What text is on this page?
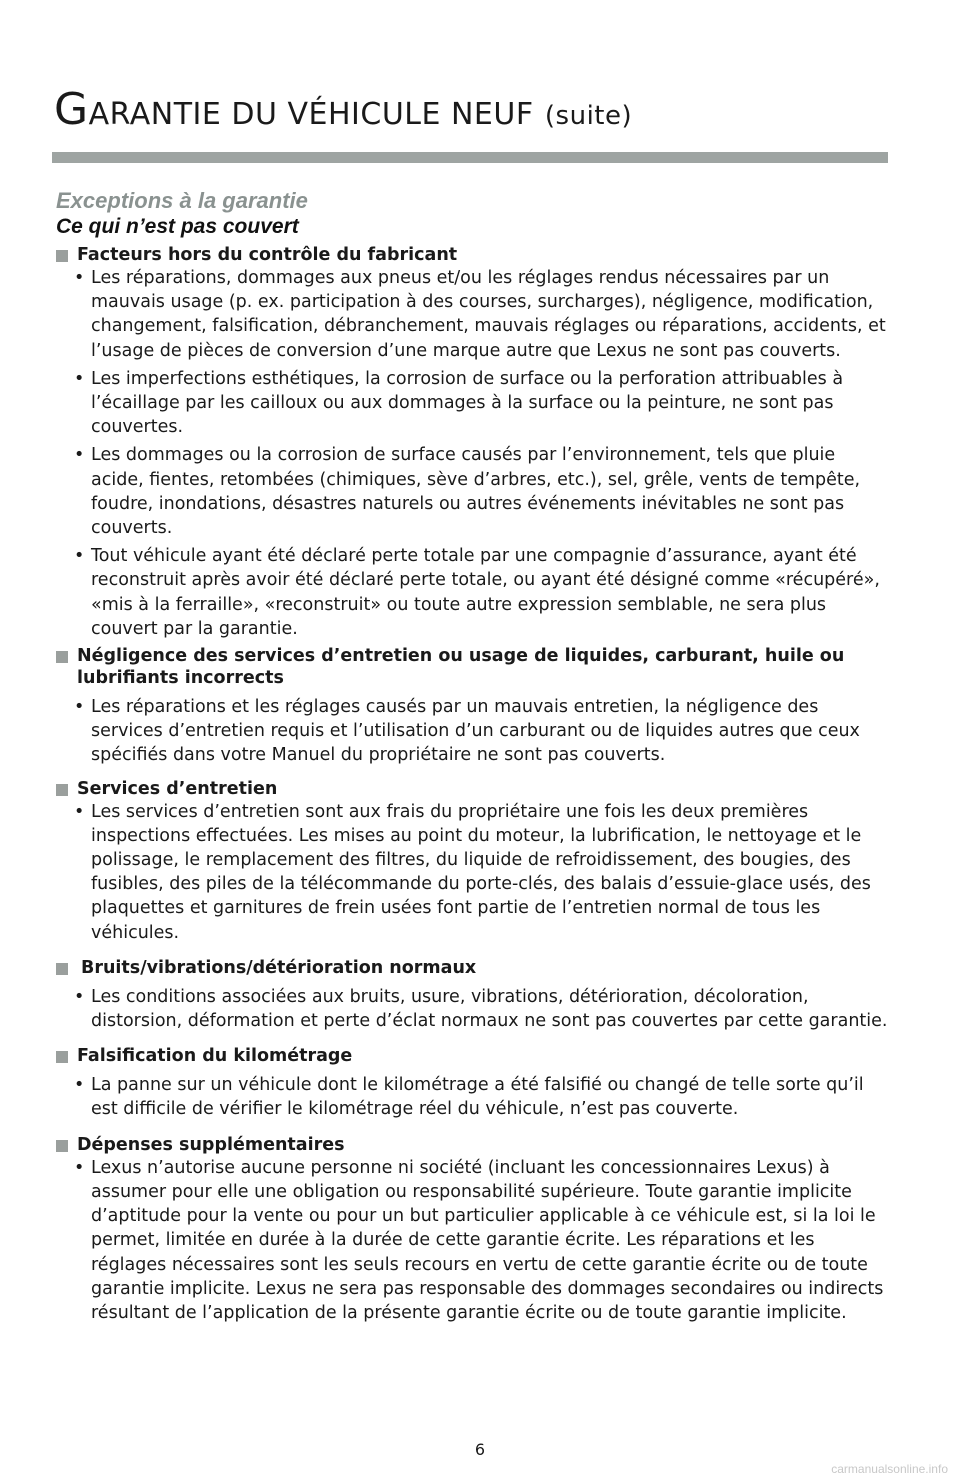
GARANTIE DU VÉHICULE NEUF (suite)
Exceptions à la garantie
Ce qui n’est pas couvert
Facteurs hors du contrôle du fabricant
• Les réparations, dommages aux pneus et/ou les réglages rendus nécessaires par un mauvais usage (p. ex. participation à des courses, surcharges), négligence, modification, changement, falsification, débranchement, mauvais réglages ou réparations, accidents, et l’usage de pièces de conversion d’une marque autre que Lexus ne sont pas couverts.
• Les imperfections esthétiques, la corrosion de surface ou la perforation attribuables à l’écaillage par les cailloux ou aux dommages à la surface ou la peinture, ne sont pas couvertes.
• Les dommages ou la corrosion de surface causés par l’environnement, tels que pluie acide, fientes, retombées (chimiques, sève d’arbres, etc.), sel, grêle, vents de tempête, foudre, inondations, désastres naturels ou autres événements inévitables ne sont pas couverts.
• Tout véhicule ayant été déclaré perte totale par une compagnie d’assurance, ayant été reconstruit après avoir été déclaré perte totale, ou ayant été désigné comme «récupéré», «mis à la ferraille», «reconstruit» ou toute autre expression semblable, ne sera plus couvert par la garantie.
Négligence des services d’entretien ou usage de liquides, carburant, huile ou lubrifiants incorrects
• Les réparations et les réglages causés par un mauvais entretien, la négligence des services d’entretien requis et l’utilisation d’un carburant ou de liquides autres que ceux spécifiés dans votre Manuel du propriétaire ne sont pas couverts.
Services d’entretien
• Les services d’entretien sont aux frais du propriétaire une fois les deux premières inspections effectuées. Les mises au point du moteur, la lubrification, le nettoyage et le polissage, le remplacement des filtres, du liquide de refroidissement, des bougies, des fusibles, des piles de la télécommande du porte-clés, des balais d’essuie-glace usés, des plaquettes et garnitures de frein usées font partie de l’entretien normal de tous les véhicules.
Bruits/vibrations/détérioration normaux
• Les conditions associées aux bruits, usure, vibrations, détérioration, décoloration, distorsion, déformation et perte d’éclat normaux ne sont pas couvertes par cette garantie.
Falsification du kilométrage
• La panne sur un véhicule dont le kilométrage a été falsifié ou changé de telle sorte qu’il est difficile de vérifier le kilométrage réel du véhicule, n’est pas couverte.
Dépenses supplémentaires
• Lexus n’autorise aucune personne ni société (incluant les concessionnaires Lexus) à assumer pour elle une obligation ou responsabilité supérieure. Toute garantie implicite d’aptitude pour la vente ou pour un but particulier applicable à ce véhicule est, si la loi le permet, limitée en durée à la durée de cette garantie écrite. Les réparations et les réglages nécessaires sont les seuls recours en vertu de cette garantie écrite ou de toute garantie implicite. Lexus ne sera pas responsable des dommages secondaires ou indirects résultant de l’application de la présente garantie écrite ou de toute garantie implicite.
6
carmanualsonline.info
